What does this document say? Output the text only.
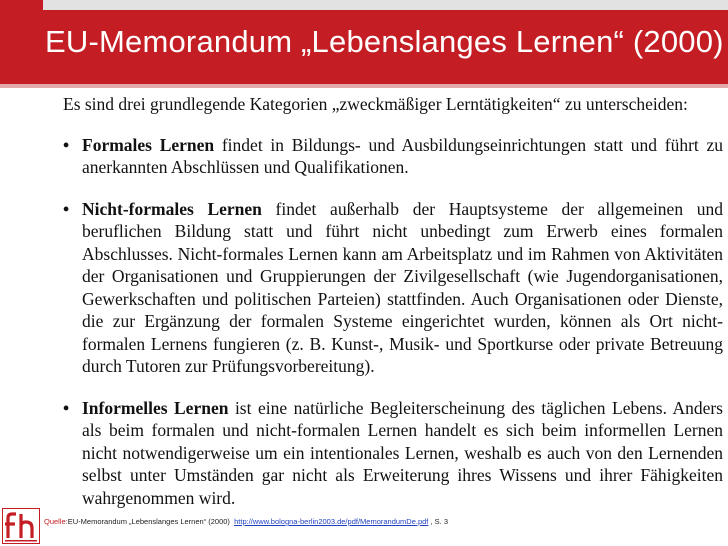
EU-Memorandum „Lebenslanges Lernen“ (2000)

Es sind drei grundlegende Kategorien „zweckmäßiger Lerntätigkeiten“ zu unterscheiden:

• Formales Lernen findet in Bildungs- und Ausbildungseinrichtungen statt und führt zu anerkannten Abschlüssen und Qualifikationen.
• Nicht-formales Lernen findet außerhalb der Hauptsysteme der allgemeinen und beruflichen Bildung statt und führt nicht unbedingt zum Erwerb eines formalen Abschlusses. Nicht-formales Lernen kann am Arbeitsplatz und im Rahmen von Aktivitäten der Organisationen und Gruppierungen der Zivilgesellschaft (wie Jugendorganisationen, Gewerkschaften und politischen Parteien) stattfinden. Auch Organisationen oder Dienste, die zur Ergänzung der formalen Systeme eingerichtet wurden, können als Ort nicht-formalen Lernens fungieren (z. B. Kunst-, Musik- und Sportkurse oder private Betreuung durch Tutoren zur Prüfungsvorbereitung).
• Informelles Lernen ist eine natürliche Begleiterscheinung des täglichen Lebens. Anders als beim formalen und nicht-formalen Lernen handelt es sich beim informellen Lernen nicht notwendigerweise um ein intentionales Lernen, weshalb es auch von den Lernenden selbst unter Umständen gar nicht als Erweiterung ihres Wissens und ihrer Fähigkeiten wahrgenommen wird.
Quelle:EU-Memorandum „Lebenslanges Lernen“ (2000) http://www.bologna-berlin2003.de/pdf/MemorandumDe.pdf , S. 3
